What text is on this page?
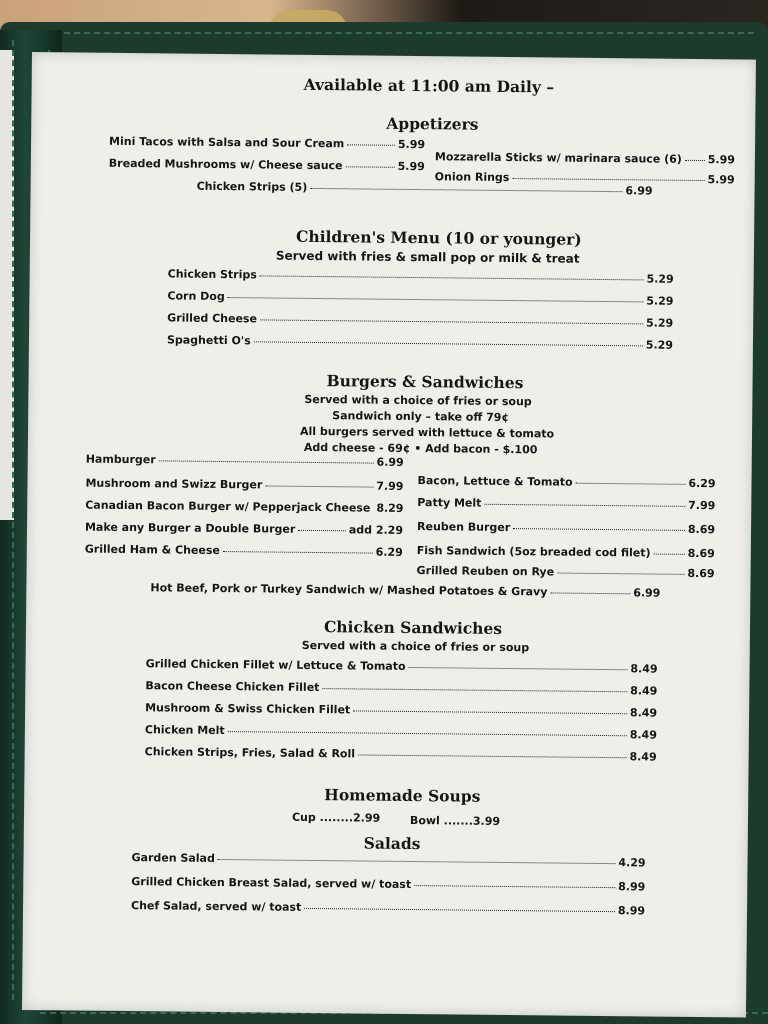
Available at 11:00 am Daily –
Appetizers
Mini Tacos with Salsa and Sour Cream	5.99
Mozzarella Sticks w/ marinara sauce (6) 5.99
Breaded Mushrooms w/ Cheese sauce	5.99
Onion Rings	5.99
Chicken Strips (5)	6.99
Children's Menu (10 or younger)
Served with fries & small pop or milk & treat
Chicken Strips	5.29
Corn Dog	5.29
Grilled Cheese	5.29
Spaghetti O's	5.29
Burgers & Sandwiches
Served with a choice of fries or soup
Sandwich only – take off 79¢
All burgers served with lettuce & tomato
Add cheese - 69¢ • Add bacon - $.100
Hamburger	6.99
Bacon, Lettuce & Tomato	6.29
Mushroom and Swizz Burger	7.99
Patty Melt	7.99
Canadian Bacon Burger w/ Pepperjack Cheese 8.29
Reuben Burger	8.69
Make any Burger a Double Burger	add 2.29
Fish Sandwich (5oz breaded cod filet)	8.69
Grilled Ham & Cheese	6.29
Grilled Reuben on Rye	8.69
Hot Beef, Pork or Turkey Sandwich w/ Mashed Potatoes & Gravy	6.99
Chicken Sandwiches
Served with a choice of fries or soup
Grilled Chicken Fillet w/ Lettuce & Tomato	8.49
Bacon Cheese Chicken Fillet	8.49
Mushroom & Swiss Chicken Fillet	8.49
Chicken Melt	8.49
Chicken Strips, Fries, Salad & Roll	8.49
Homemade Soups
Cup ........2.99	Bowl .......3.99
Salads
Garden Salad	4.29
Grilled Chicken Breast Salad, served w/ toast	8.99
Chef Salad, served w/ toast	8.99
